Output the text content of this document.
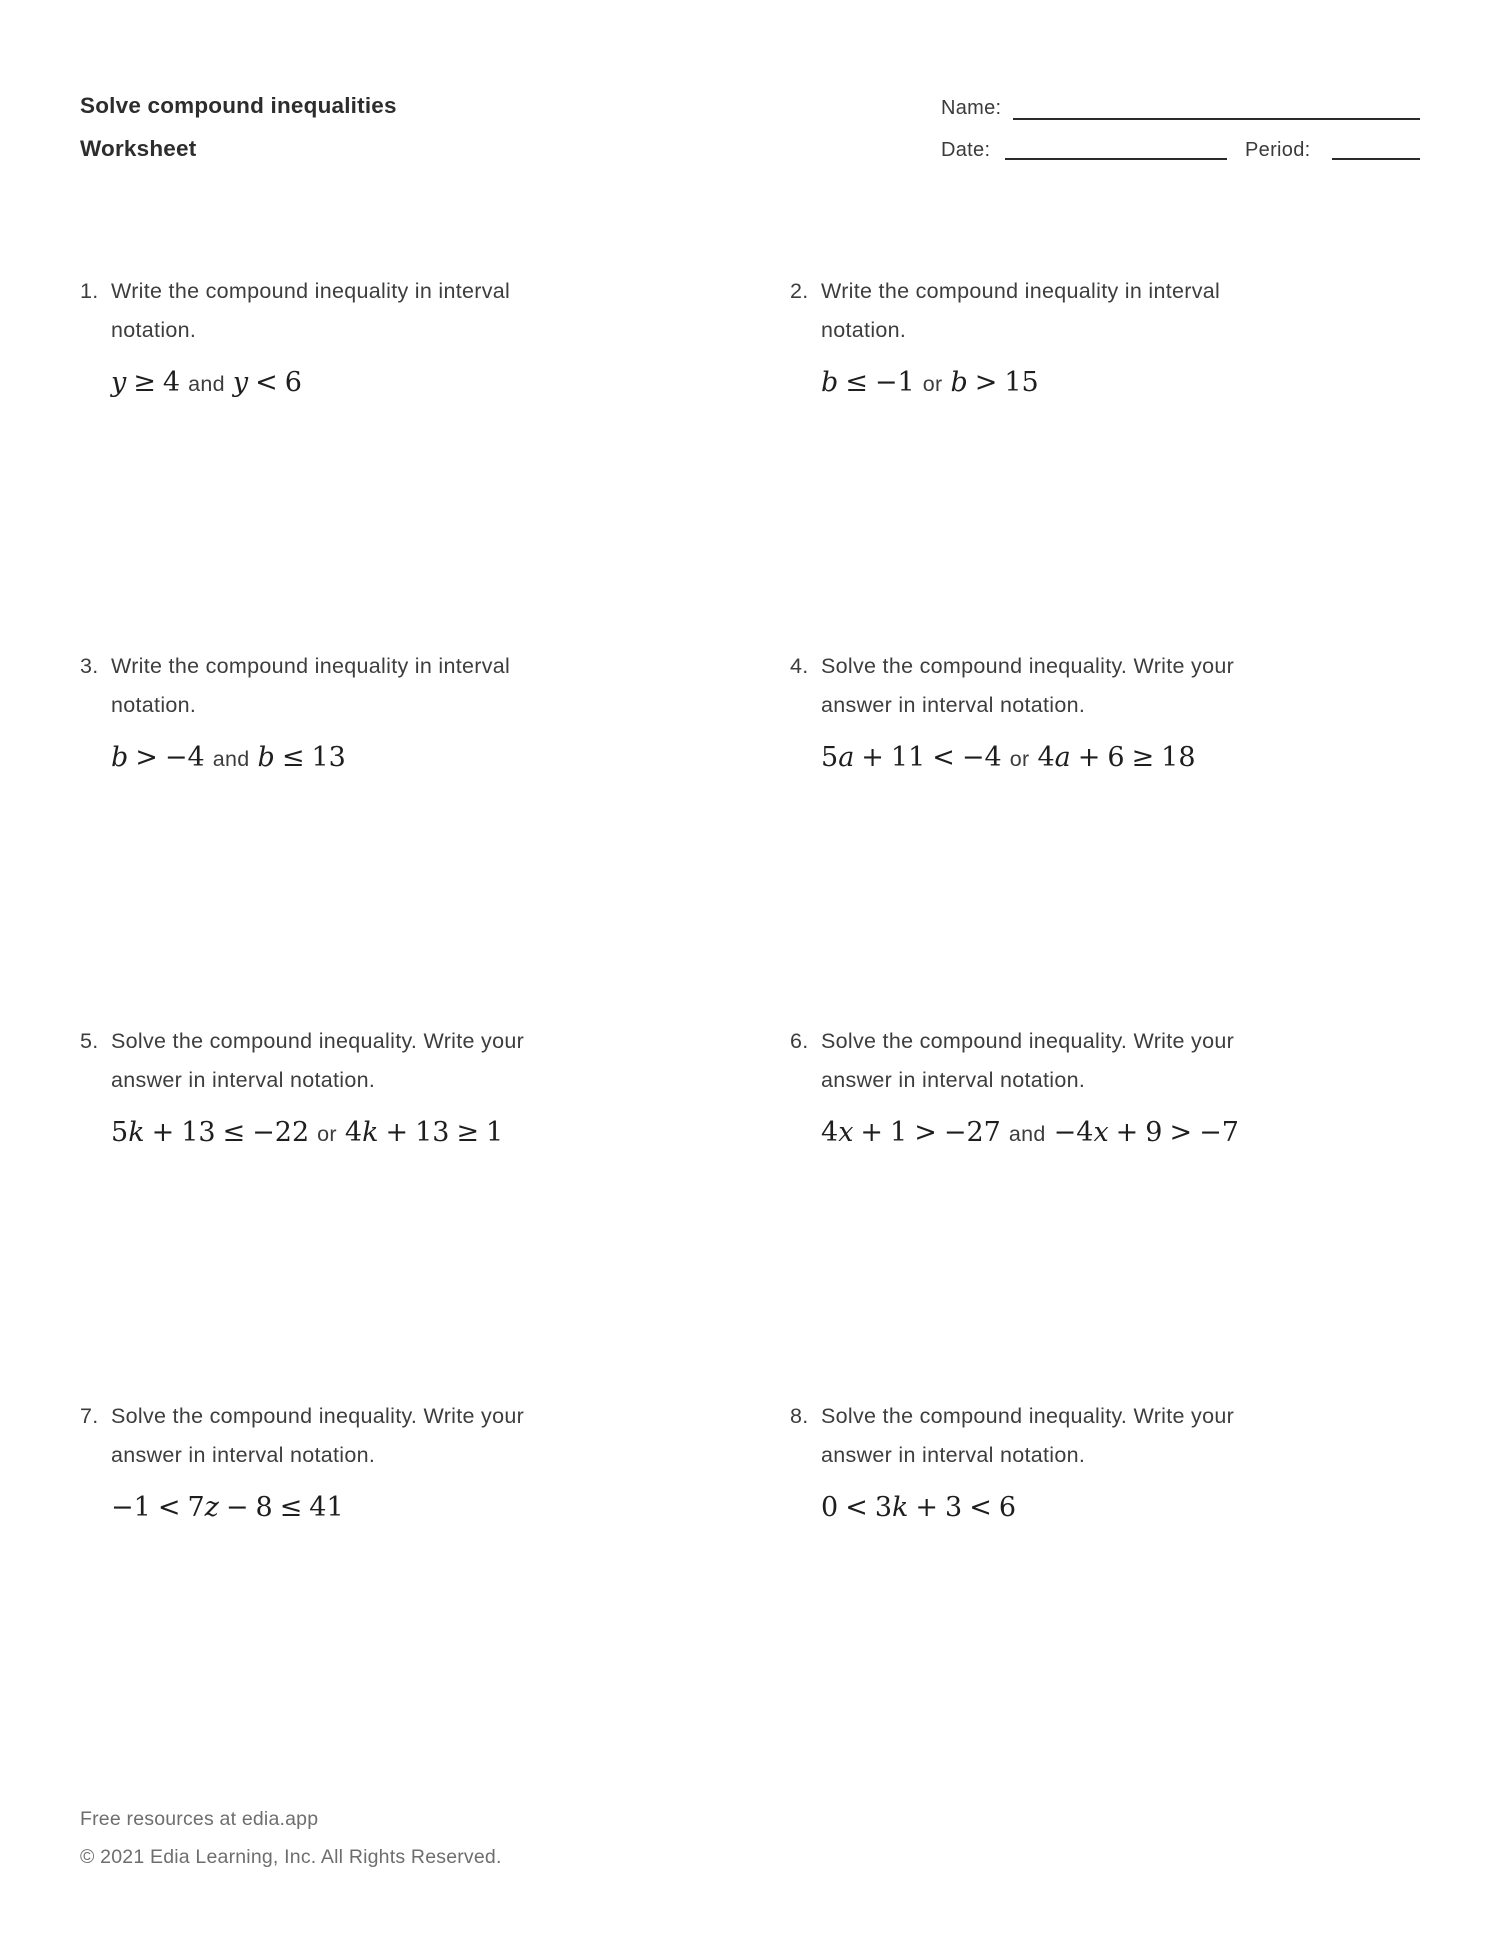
Solve compound inequalities
Worksheet
Name:
Date:	Period:
1. Write the compound inequality in interval
notation.
y ≥ 4 and y < 6
2. Write the compound inequality in interval
notation.
b ≤ −1 or b > 15
3. Write the compound inequality in interval
notation.
b > −4 and b ≤ 13
4. Solve the compound inequality. Write your
answer in interval notation.
5a + 11 < −4 or 4a + 6 ≥ 18
5. Solve the compound inequality. Write your
answer in interval notation.
5k + 13 ≤ −22 or 4k + 13 ≥ 1
6. Solve the compound inequality. Write your
answer in interval notation.
4x + 1 > −27 and −4x + 9 > −7
7. Solve the compound inequality. Write your
answer in interval notation.
−1 < 7z − 8 ≤ 41
8. Solve the compound inequality. Write your
answer in interval notation.
0 < 3k + 3 < 6
Free resources at edia.app
© 2021 Edia Learning, Inc. All Rights Reserved.
